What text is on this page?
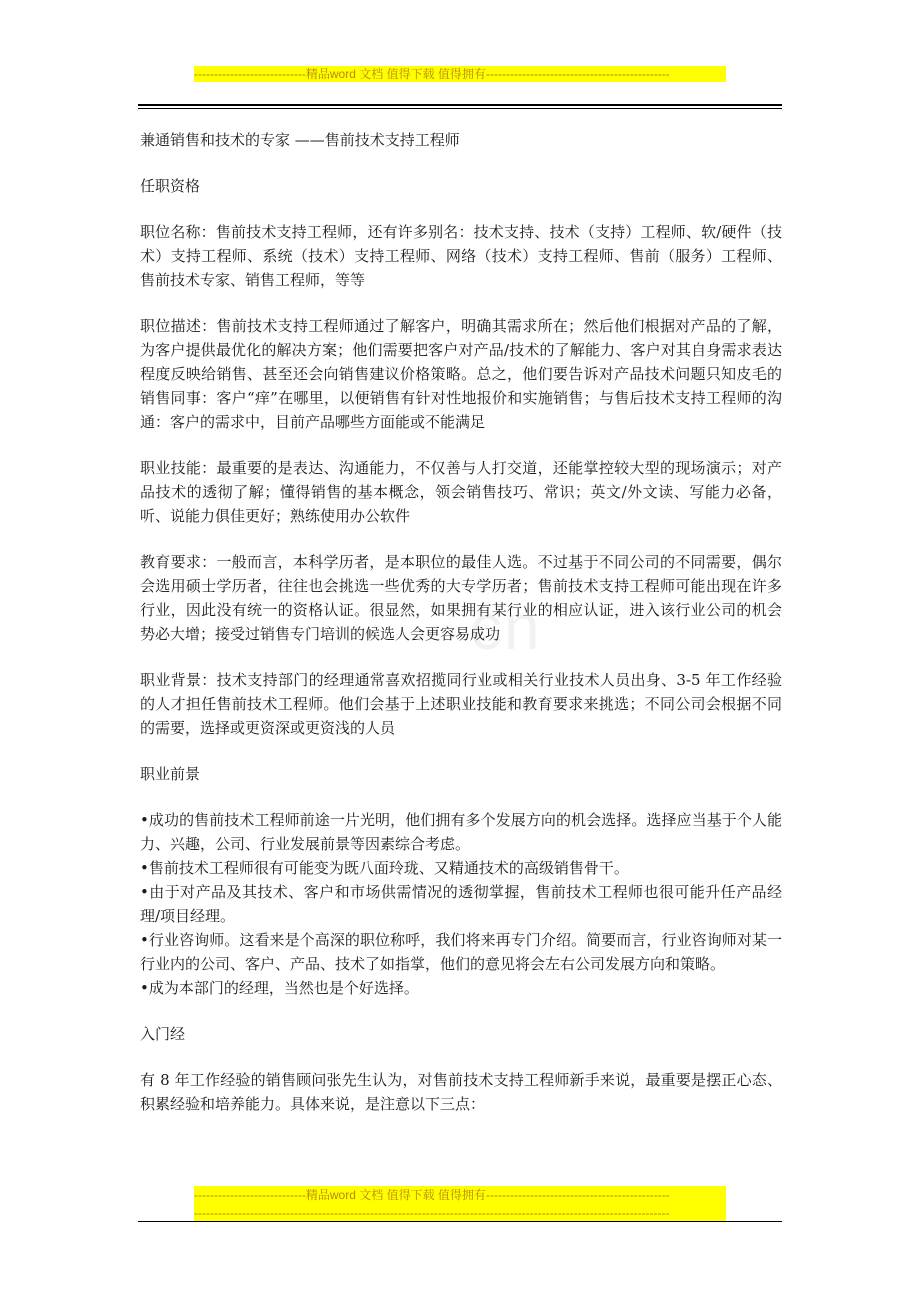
----------------------------精品word 文档 值得下载 值得拥有----------------------------------------------
cn

兼通销售和技术的专家 ——售前技术支持工程师

任职资格

职位名称：售前技术支持工程师，还有许多别名：技术支持、技术（支持）工程师、软/硬件（技术）支持工程师、系统（技术）支持工程师、网络（技术）支持工程师、售前（服务）工程师、售前技术专家、销售工程师，等等

职位描述：售前技术支持工程师通过了解客户，明确其需求所在；然后他们根据对产品的了解，为客户提供最优化的解决方案；他们需要把客户对产品/技术的了解能力、客户对其自身需求表达程度反映给销售、甚至还会向销售建议价格策略。总之，他们要告诉对产品技术问题只知皮毛的销售同事：客户“痒”在哪里，以便销售有针对性地报价和实施销售；与售后技术支持工程师的沟通：客户的需求中，目前产品哪些方面能或不能满足

职业技能：最重要的是表达、沟通能力，不仅善与人打交道，还能掌控较大型的现场演示；对产品技术的透彻了解；懂得销售的基本概念，领会销售技巧、常识；英文/外文读、写能力必备，听、说能力俱佳更好；熟练使用办公软件

教育要求：一般而言，本科学历者，是本职位的最佳人选。不过基于不同公司的不同需要，偶尔会选用硕士学历者，往往也会挑选一些优秀的大专学历者；售前技术支持工程师可能出现在许多行业，因此没有统一的资格认证。很显然，如果拥有某行业的相应认证，进入该行业公司的机会势必大增；接受过销售专门培训的候选人会更容易成功

职业背景：技术支持部门的经理通常喜欢招揽同行业或相关行业技术人员出身、3-5 年工作经验的人才担任售前技术工程师。他们会基于上述职业技能和教育要求来挑选；不同公司会根据不同的需要，选择或更资深或更资浅的人员

职业前景

•成功的售前技术工程师前途一片光明，他们拥有多个发展方向的机会选择。选择应当基于个人能力、兴趣，公司、行业发展前景等因素综合考虑。

•售前技术工程师很有可能变为既八面玲珑、又精通技术的高级销售骨干。

•由于对产品及其技术、客户和市场供需情况的透彻掌握，售前技术工程师也很可能升任产品经理/项目经理。

•行业咨询师。这看来是个高深的职位称呼，我们将来再专门介绍。简要而言，行业咨询师对某一行业内的公司、客户、产品、技术了如指掌，他们的意见将会左右公司发展方向和策略。

•成为本部门的经理，当然也是个好选择。

入门经

有 8 年工作经验的销售顾问张先生认为，对售前技术支持工程师新手来说，最重要是摆正心态、积累经验和培养能力。具体来说，是注意以下三点：

----------------------------精品word 文档 值得下载 值得拥有----------------------------------------------
-----------------------------------------------------------------------------------------------------------------------
